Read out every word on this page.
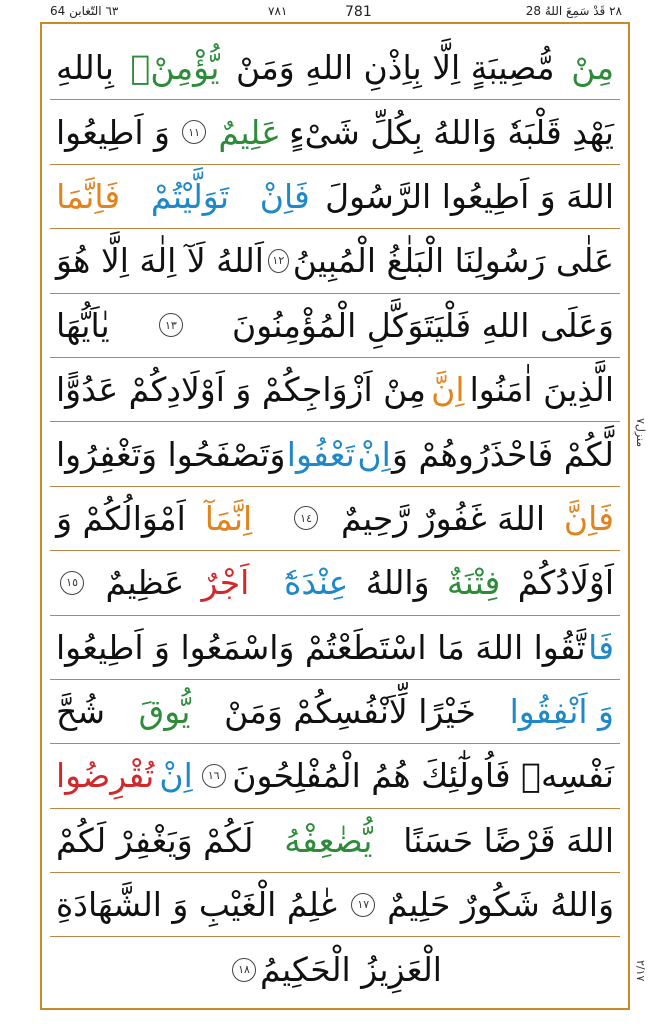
٦٣ التّغابن 64	٧٨١	781	٢٨ قَدْ سَمِعَ اللهُ 28
مِنْ
مُّصِيبَةٍ اِلَّا بِاِذْنِ اللهِ وَمَنْ
يُّؤْمِنْۢ
بِاللهِ
يَهْدِ قَلْبَهٗ وَاللهُ بِكُلِّ شَىْءٍ
عَلِيمٌ
١١
وَ اَطِيعُوا
اللهَ وَ اَطِيعُوا الرَّسُولَ
فَاِنْ
تَوَلَّيْتُمْ
فَاِنَّمَا
عَلٰى رَسُولِنَا الْبَلٰغُ الْمُبِينُ
١٢
اَللهُ لَآ اِلٰهَ اِلَّا هُوَ
وَعَلَى اللهِ فَلْيَتَوَكَّلِ الْمُؤْمِنُونَ
١٣
يٰاَيُّهَا
الَّذِينَ اٰمَنُوا
اِنَّ
مِنْ اَزْوَاجِكُمْ وَ اَوْلَادِكُمْ عَدُوًّا
لَّكُمْ فَاحْذَرُوهُمْ وَ
اِنْ
تَعْفُوا
وَتَصْفَحُوا وَتَغْفِرُوا
فَاِنَّ
اللهَ غَفُورٌ رَّحِيمٌ
١٤
اِنَّمَآ
اَمْوَالُكُمْ وَ
اَوْلَادُكُمْ
فِتْنَةٌ
وَاللهُ
عِنْدَهٗٓ
اَجْرٌ
عَظِيمٌ
١٥
فَا
تَّقُوا اللهَ مَا اسْتَطَعْتُمْ وَاسْمَعُوا وَ اَطِيعُوا
وَ اَنْفِقُوا
خَيْرًا لِّاَنْفُسِكُمْ وَمَنْ
يُّوقَ
شُحَّ
نَفْسِهٖ فَاُولٰٓئِكَ هُمُ الْمُفْلِحُونَ
١٦
اِنْ
تُقْرِضُوا
اللهَ قَرْضًا حَسَنًا
يُّضٰعِفْهُ
لَكُمْ وَيَغْفِرْ لَكُمْ
وَاللهُ شَكُورٌ حَلِيمٌ
١٧
عٰلِمُ الْغَيْبِ وَ الشَّهَادَةِ
الْعَزِيزُ الْحَكِيمُ
١٨
منزل٧
٢/١٧
